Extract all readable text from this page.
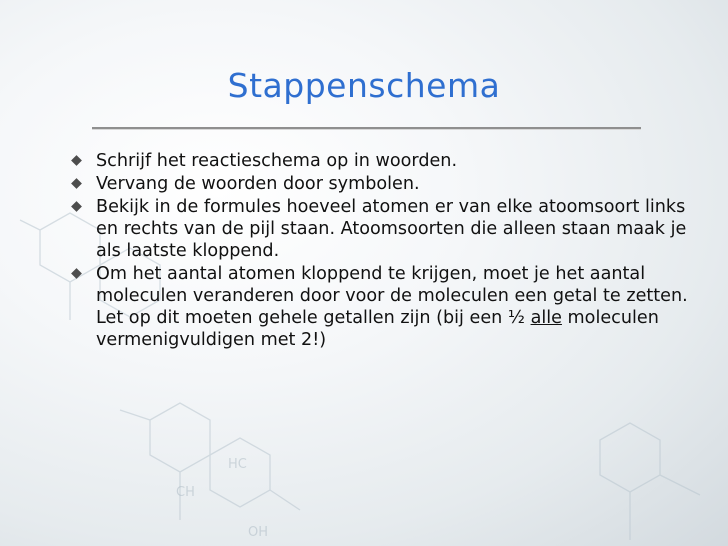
HC
CH
OH
Stappenschema
Schrijf het reactieschema op in woorden.
Vervang de woorden door symbolen.
Bekijk in de formules hoeveel atomen er van elke atoomsoort links en rechts van de pijl staan. Atoomsoorten die alleen staan maak je als laatste kloppend.
Om het aantal atomen kloppend te krijgen, moet je het aantal moleculen veranderen door voor de moleculen een getal te zetten. Let op dit moeten gehele getallen zijn (bij een ½ alle moleculen vermenigvuldigen met 2!)
